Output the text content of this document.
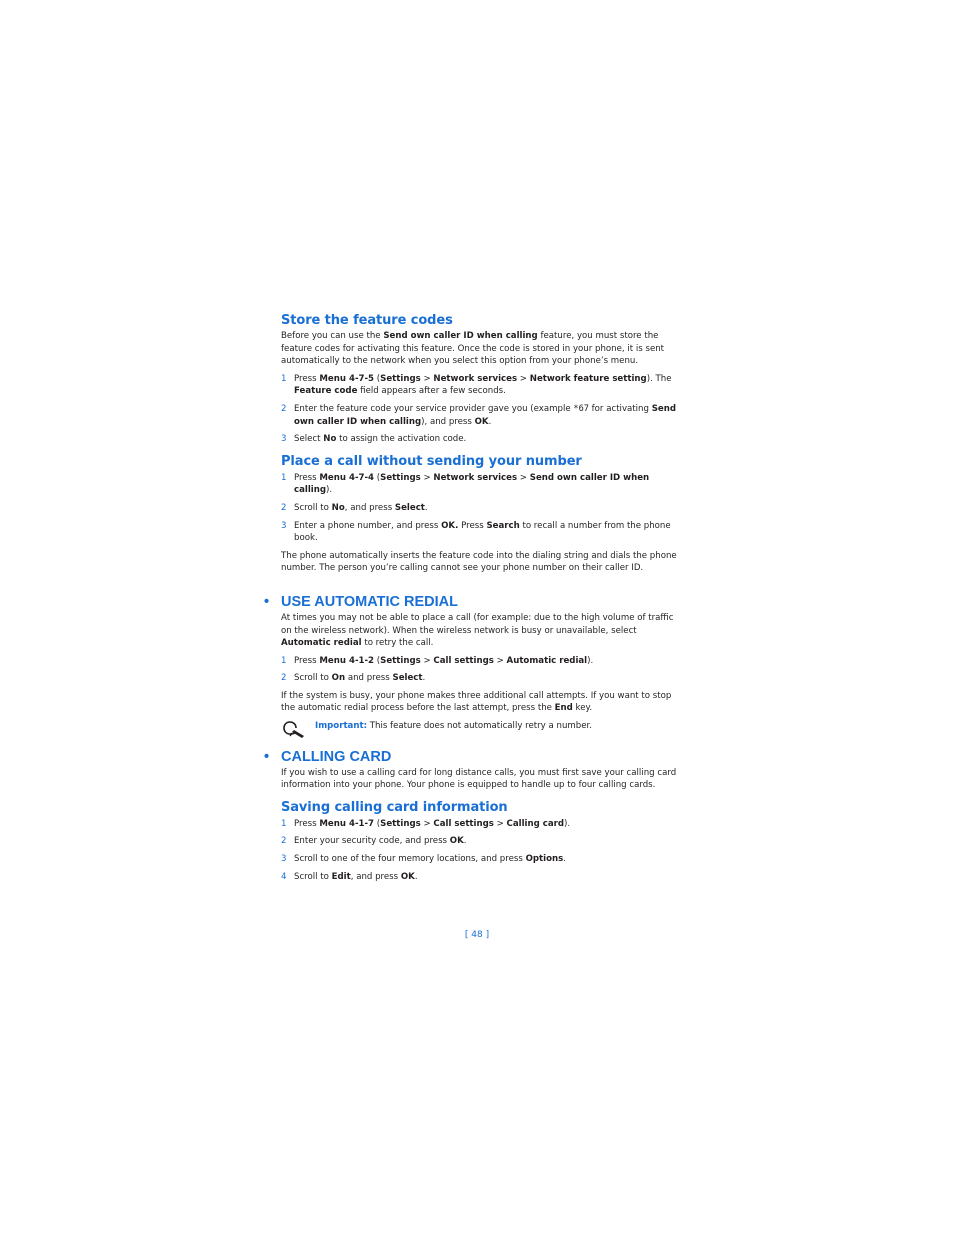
Store the feature codes

Before you can use the Send own caller ID when calling feature, you must store the feature codes for activating this feature. Once the code is stored in your phone, it is sent automatically to the network when you select this option from your phone’s menu.

1 Press Menu 4-7-5 (Settings > Network services > Network feature setting). The Feature code field appears after a few seconds.
2 Enter the feature code your service provider gave you (example *67 for activating Send own caller ID when calling), and press OK.
3 Select No to assign the activation code.
Place a call without sending your number
1 Press Menu 4-7-4 (Settings > Network services > Send own caller ID when calling).
2 Scroll to No, and press Select.
3 Enter a phone number, and press OK. Press Search to recall a number from the phone book.

The phone automatically inserts the feature code into the dialing string and dials the phone number. The person you’re calling cannot see your phone number on their caller ID.

• USE AUTOMATIC REDIAL

At times you may not be able to place a call (for example: due to the high volume of traffic on the wireless network). When the wireless network is busy or unavailable, select Automatic redial to retry the call.

1 Press Menu 4-1-2 (Settings > Call settings > Automatic redial).
2 Scroll to On and press Select.

If the system is busy, your phone makes three additional call attempts. If you want to stop the automatic redial process before the last attempt, press the End key.

Important: This feature does not automatically retry a number.
• CALLING CARD

If you wish to use a calling card for long distance calls, you must first save your calling card information into your phone. Your phone is equipped to handle up to four calling cards.

Saving calling card information
1 Press Menu 4-1-7 (Settings > Call settings > Calling card).
2 Enter your security code, and press OK.
3 Scroll to one of the four memory locations, and press Options.
4 Scroll to Edit, and press OK.
[ 48 ]
